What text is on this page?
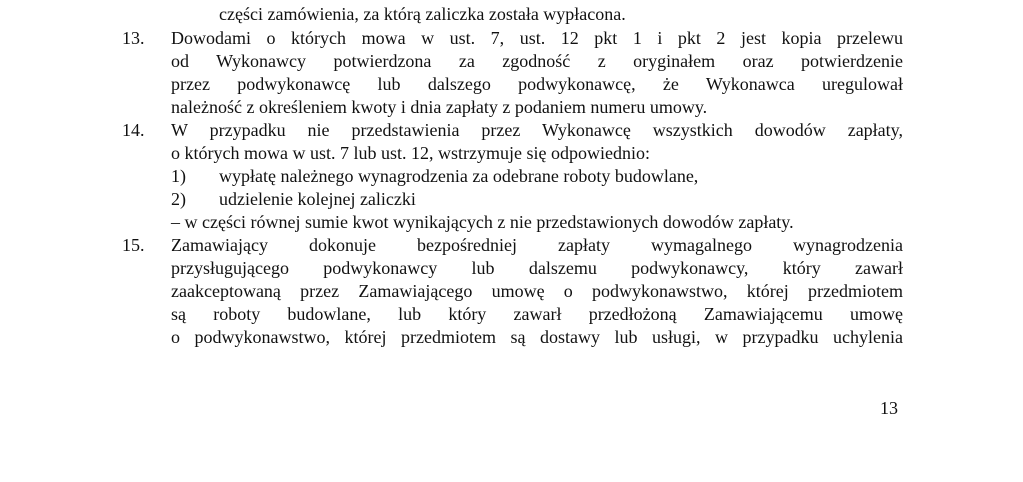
części zamówienia, za którą zaliczka została wypłacona.
13. Dowodami o których mowa w ust. 7, ust. 12 pkt 1 i pkt 2 jest kopia przelewu
od Wykonawcy potwierdzona za zgodność z oryginałem oraz potwierdzenie
przez podwykonawcę lub dalszego podwykonawcę, że Wykonawca uregulował
należność z określeniem kwoty i dnia zapłaty z podaniem numeru umowy.
14. W przypadku nie przedstawienia przez Wykonawcę wszystkich dowodów zapłaty,
o których mowa w ust. 7 lub ust. 12, wstrzymuje się odpowiednio:
1) wypłatę należnego wynagrodzenia za odebrane roboty budowlane,
2) udzielenie kolejnej zaliczki
– w części równej sumie kwot wynikających z nie przedstawionych dowodów zapłaty.
15. Zamawiający dokonuje bezpośredniej zapłaty wymagalnego wynagrodzenia
przysługującego podwykonawcy lub dalszemu podwykonawcy, który zawarł
zaakceptowaną przez Zamawiającego umowę o podwykonawstwo, której przedmiotem
są roboty budowlane, lub który zawarł przedłożoną Zamawiającemu umowę
o podwykonawstwo, której przedmiotem są dostawy lub usługi, w przypadku uchylenia
13
